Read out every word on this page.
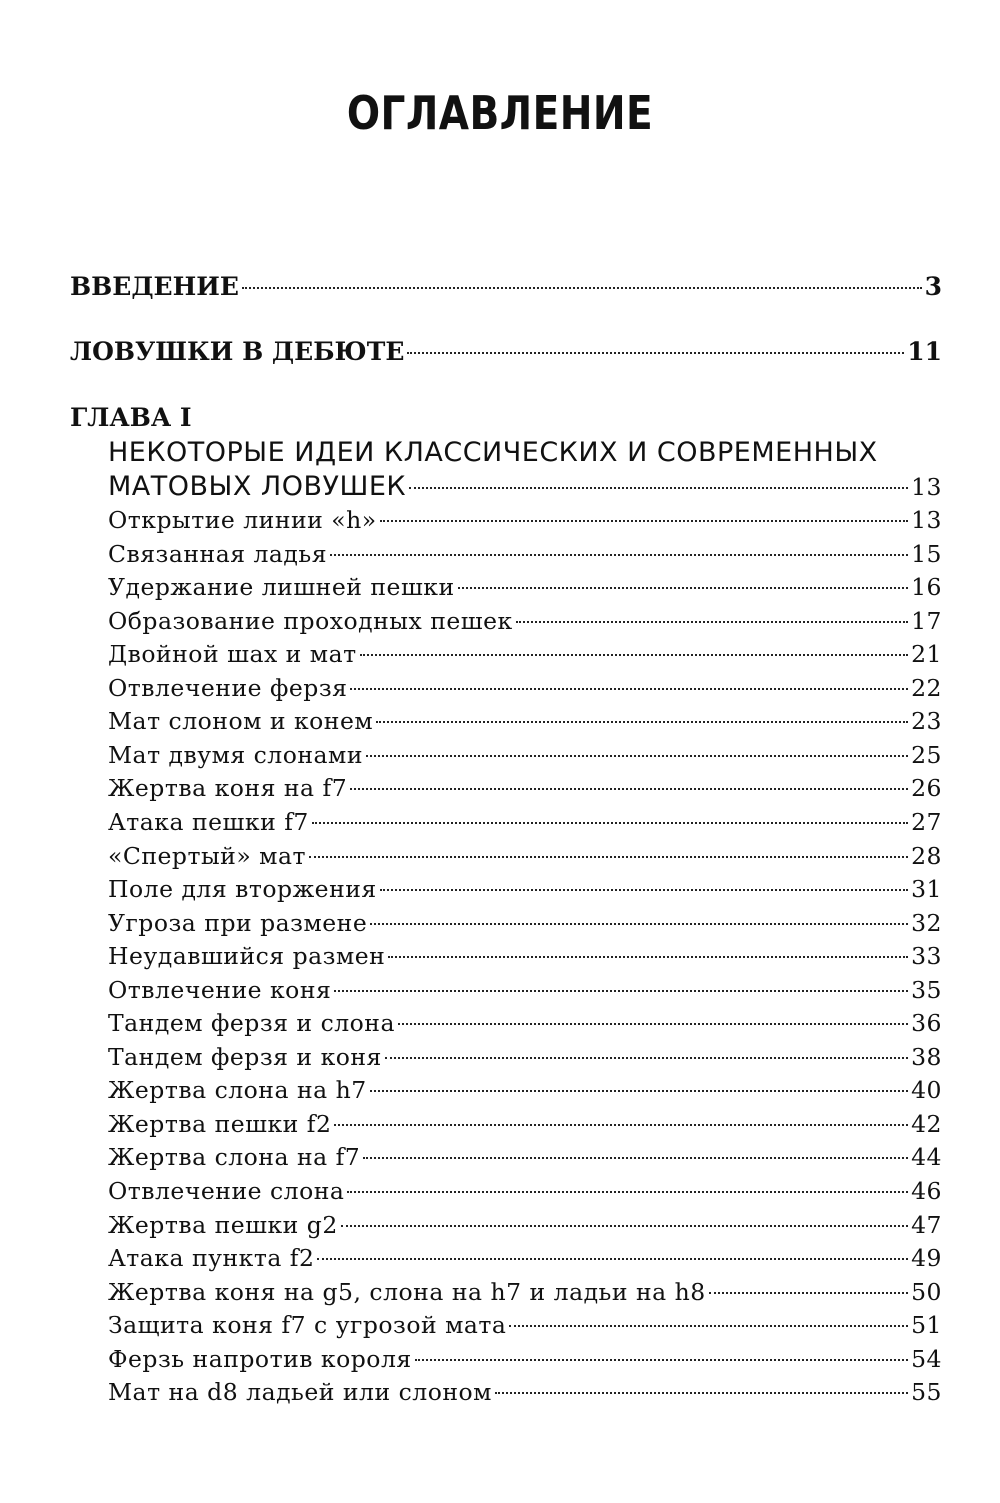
ОГЛАВЛЕНИЕ
ВВЕДЕНИЕ	3
ЛОВУШКИ В ДЕБЮТЕ	11
ГЛАВА I
НЕКОТОРЫЕ ИДЕИ КЛАССИЧЕСКИХ И СОВРЕМЕННЫХ
МАТОВЫХ ЛОВУШЕК	13
Открытие линии «h»	13
Связанная ладья	15
Удержание лишней пешки	16
Образование проходных пешек	17
Двойной шах и мат	21
Отвлечение ферзя	22
Мат слоном и конем	23
Мат двумя слонами	25
Жертва коня на f7	26
Атака пешки f7	27
«Спертый» мат	28
Поле для вторжения	31
Угроза при размене	32
Неудавшийся размен	33
Отвлечение коня	35
Тандем ферзя и слона	36
Тандем ферзя и коня	38
Жертва слона на h7	40
Жертва пешки f2	42
Жертва слона на f7	44
Отвлечение слона	46
Жертва пешки g2	47
Атака пункта f2	49
Жертва коня на g5, слона на h7 и ладьи на h8	50
Защита коня f7 с угрозой мата	51
Ферзь напротив короля	54
Мат на d8 ладьей или слоном	55
